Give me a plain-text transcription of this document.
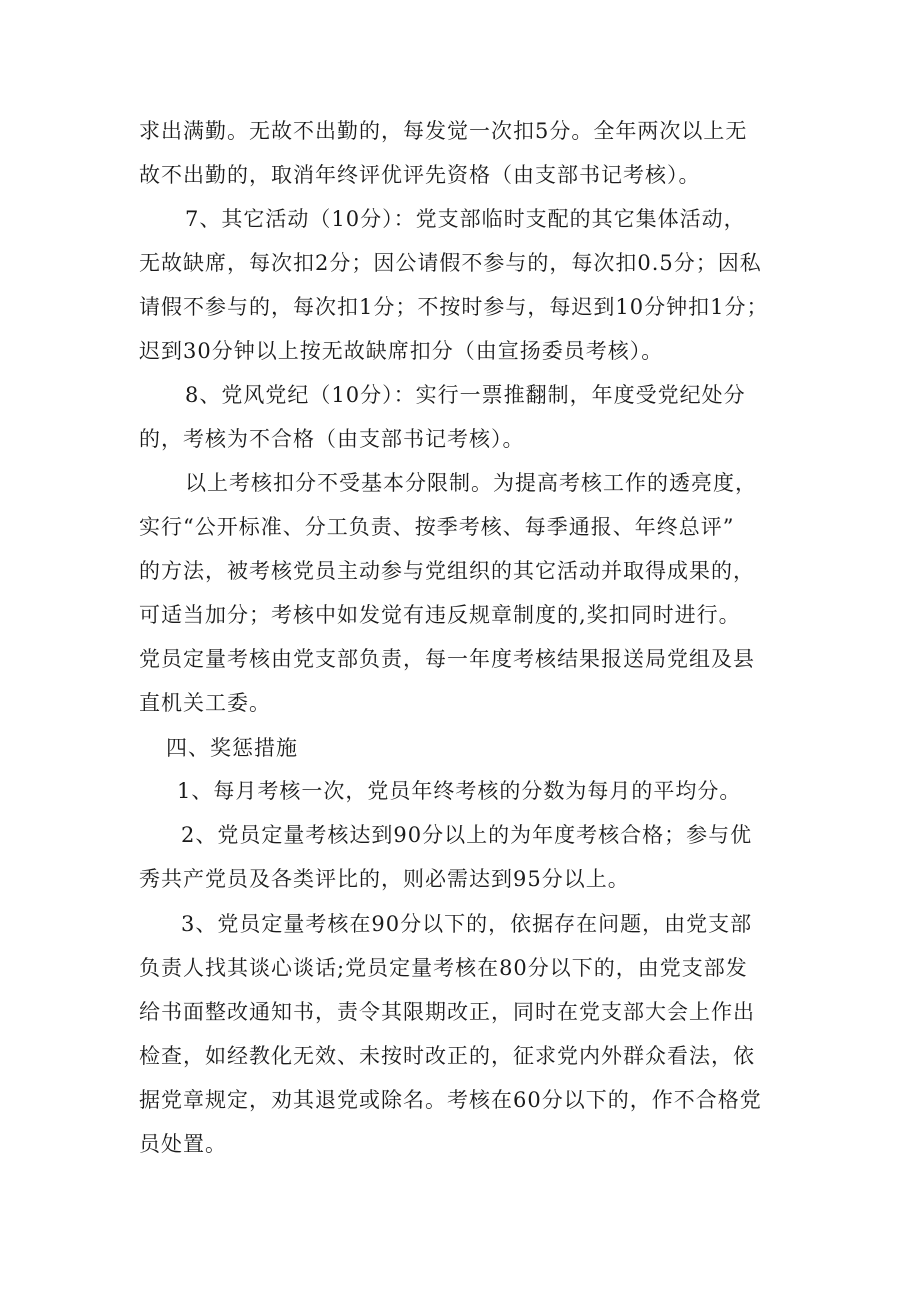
求出满勤。无故不出勤的，每发觉一次扣5分。全年两次以上无
故不出勤的，取消年终评优评先资格（由支部书记考核）。
7、其它活动（10分）：党支部临时支配的其它集体活动，
无故缺席，每次扣2分；因公请假不参与的，每次扣0.5分；因私
请假不参与的，每次扣1分；不按时参与，每迟到10分钟扣1分；
迟到30分钟以上按无故缺席扣分（由宣扬委员考核）。
8、党风党纪（10分）：实行一票推翻制，年度受党纪处分
的，考核为不合格（由支部书记考核）。
以上考核扣分不受基本分限制。为提高考核工作的透亮度，
实行“公开标准、分工负责、按季考核、每季通报、年终总评”
的方法，被考核党员主动参与党组织的其它活动并取得成果的，
可适当加分；考核中如发觉有违反规章制度的,奖扣同时进行。
党员定量考核由党支部负责，每一年度考核结果报送局党组及县
直机关工委。
四、奖惩措施
1、每月考核一次，党员年终考核的分数为每月的平均分。
2、党员定量考核达到90分以上的为年度考核合格；参与优
秀共产党员及各类评比的，则必需达到95分以上。
3、党员定量考核在90分以下的，依据存在问题，由党支部
负责人找其谈心谈话;党员定量考核在80分以下的，由党支部发
给书面整改通知书，责令其限期改正，同时在党支部大会上作出
检查，如经教化无效、未按时改正的，征求党内外群众看法，依
据党章规定，劝其退党或除名。考核在60分以下的，作不合格党
员处置。
